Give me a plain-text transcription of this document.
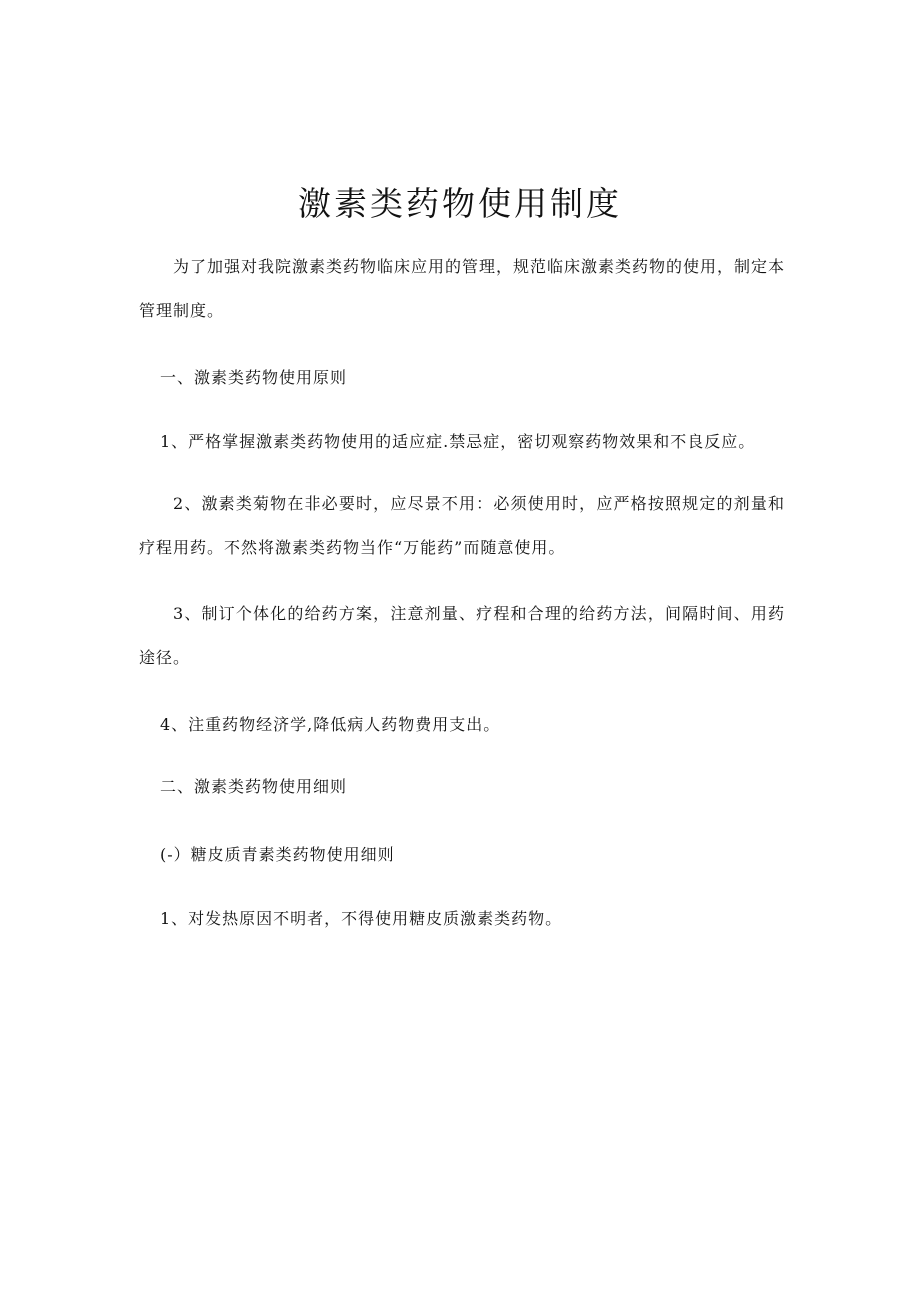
激素类药物使用制度
为了加强对我院激素类药物临床应用的管理，规范临床激素类药物的使用，制定本管理制度。
一、激素类药物使用原则
1、严格掌握激素类药物使用的适应症.禁忌症，密切观察药物效果和不良反应。
2、激素类菊物在非必要时，应尽景不用：必须使用时，应严格按照规定的剂量和疗程用药。不然将激素类药物当作“万能药”而随意使用。
3、制订个体化的给药方案，注意剂量、疗程和合理的给药方法，间隔时间、用药途径。
4、注重药物经济学,降低病人药物费用支出。
二、激素类药物使用细则
(-）糖皮质青素类药物使用细则
1、对发热原因不明者，不得使用糖皮质激素类药物。
